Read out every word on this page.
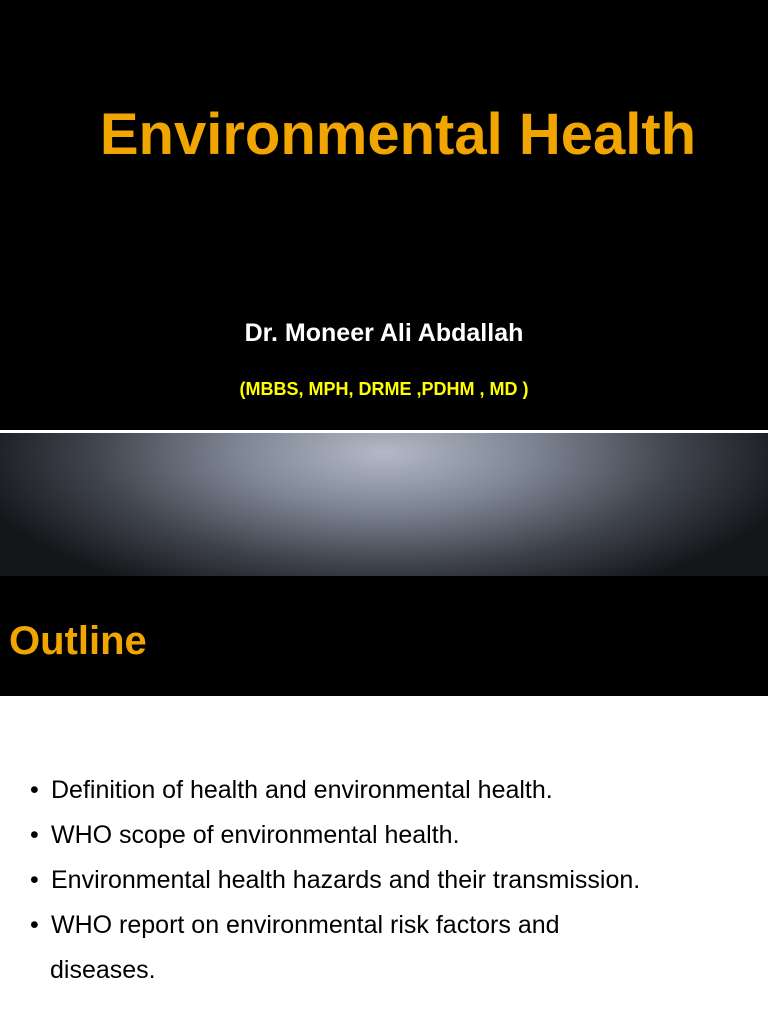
Environmental Health
Dr. Moneer Ali Abdallah
(MBBS, MPH, DRME ,PDHM , MD )
Outline
• Definition of health and environmental health.
• WHO scope of environmental health.
• Environmental health hazards and their transmission.
• WHO report on environmental risk factors and
diseases.
